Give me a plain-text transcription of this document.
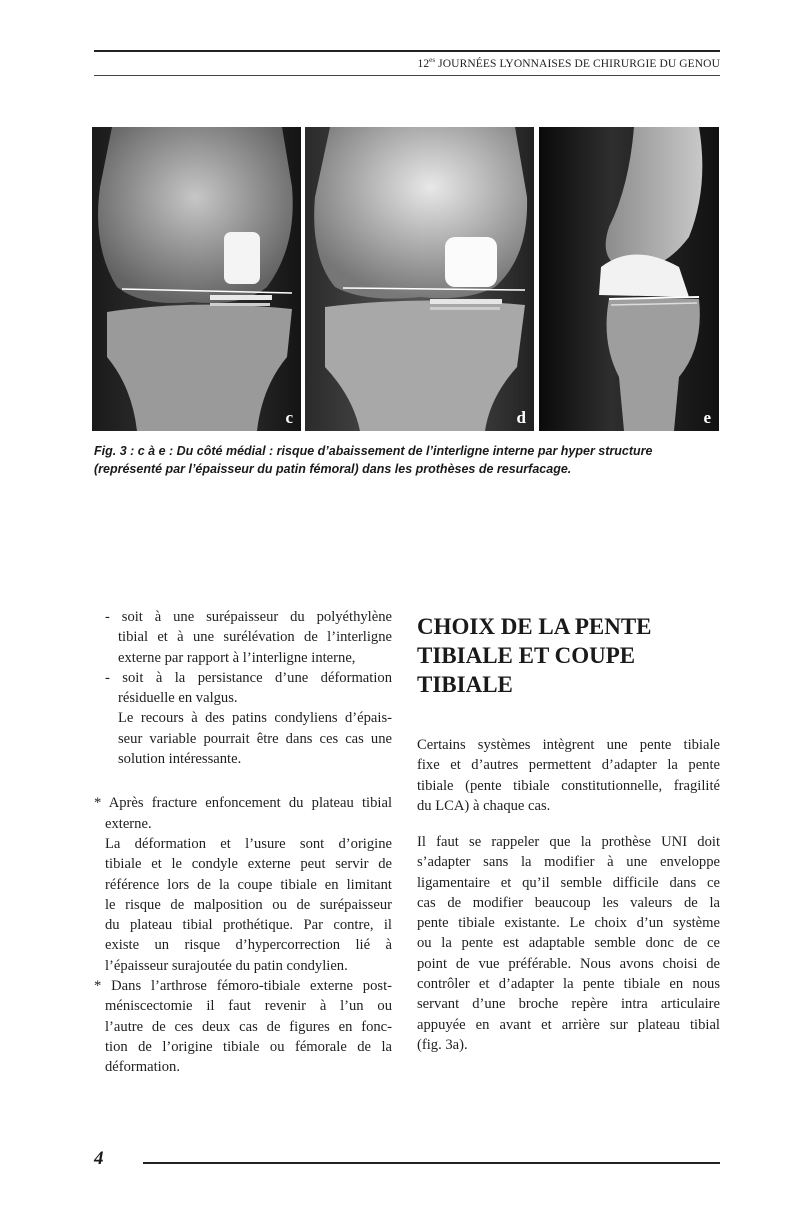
$12^{es}$ JOURNÉES LYONNAISES DE CHIRURGIE DU GENOU
c	d	e
Fig. 3 : c à e : Du côté médial : risque d’abaissement de l’interligne interne par hyper structure (représenté par l’épaisseur du patin fémoral) dans les prothèses de resurfacage.
- soit à une surépaisseur du polyéthylène
tibial et à une surélévation de l’interligne
externe par rapport à l’interligne interne,
- soit à la persistance d’une déformation
résiduelle en valgus.
Le recours à des patins condyliens d’épais-
seur variable pourrait être dans ces cas une
solution intéressante.
* Après fracture enfoncement du plateau tibial
externe.
La déformation et l’usure sont d’origine
tibiale et le condyle externe peut servir de
référence lors de la coupe tibiale en limitant
le risque de malposition ou de surépaisseur
du plateau tibial prothétique. Par contre, il
existe un risque d’hypercorrection lié à
l’épaisseur surajoutée du patin condylien.
* Dans l’arthrose fémoro-tibiale externe post-
méniscectomie il faut revenir à l’un ou
l’autre de ces deux cas de figures en fonc-
tion de l’origine tibiale ou fémorale de la
déformation.
CHOIX DE LA PENTE
TIBIALE ET COUPE
TIBIALE
Certains systèmes intègrent une pente tibiale
fixe et d’autres permettent d’adapter la pente
tibiale (pente tibiale constitutionnelle, fragilité
du LCA) à chaque cas.
Il faut se rappeler que la prothèse UNI doit
s’adapter sans la modifier à une enveloppe
ligamentaire et qu’il semble difficile dans ce
cas de modifier beaucoup les valeurs de la
pente tibiale existante. Le choix d’un système
ou la pente est adaptable semble donc de ce
point de vue préférable. Nous avons choisi de
contrôler et d’adapter la pente tibiale en nous
servant d’une broche repère intra articulaire
appuyée en avant et arrière sur plateau tibial
(fig. 3a).
4
